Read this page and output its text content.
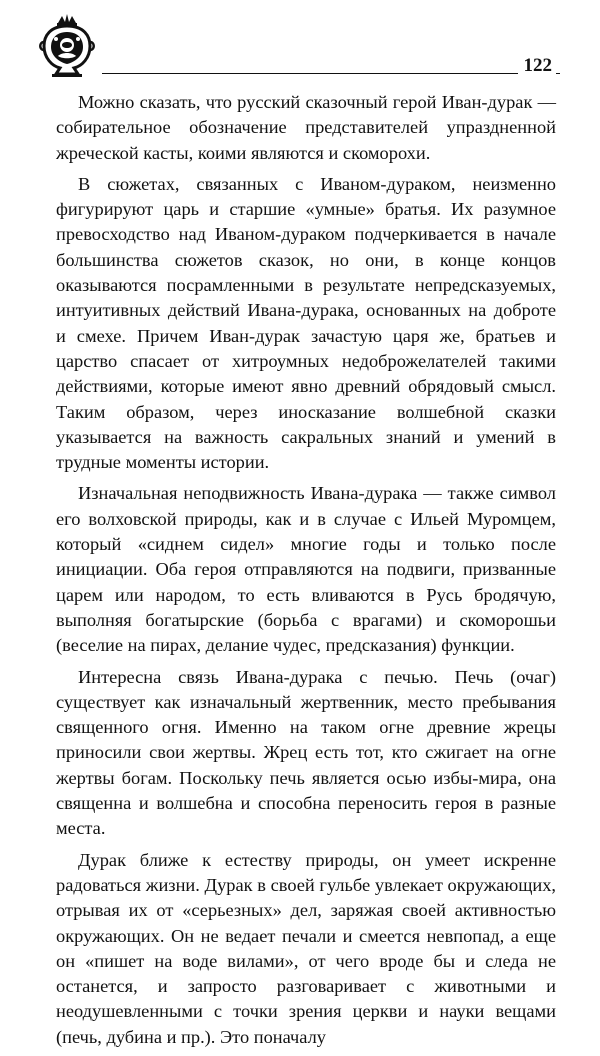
122

Можно сказать, что русский сказочный герой Иван-дурак — собирательное обозначение представителей упраздненной жреческой касты, коими являются и скоморохи.

В сюжетах, связанных с Иваном-дураком, неизменно фигурируют царь и старшие «умные» братья. Их разумное превосходство над Иваном-дураком подчеркивается в начале большинства сюжетов сказок, но они, в конце концов оказываются посрамленными в результате непредсказуемых, интуитивных действий Ивана-дурака, основанных на доброте и смехе. Причем Иван-дурак зачастую царя же, братьев и царство спасает от хитроумных недоброжелателей такими действиями, которые имеют явно древний обрядовый смысл. Таким образом, через иносказание волшебной сказки указывается на важность сакральных знаний и умений в трудные моменты истории.

Изначальная неподвижность Ивана-дурака — также символ его волховской природы, как и в случае с Ильей Муромцем, который «сиднем сидел» многие годы и только после инициации. Оба героя отправляются на подвиги, призванные царем или народом, то есть вливаются в Русь бродячую, выполняя богатырские (борьба с врагами) и скоморошьи (веселие на пирах, делание чудес, предсказания) функции.

Интересна связь Ивана-дурака с печью. Печь (очаг) существует как изначальный жертвенник, место пребывания священного огня. Именно на таком огне древние жрецы приносили свои жертвы. Жрец есть тот, кто сжигает на огне жертвы богам. Поскольку печь является осью избы-мира, она священна и волшебна и способна переносить героя в разные места.

Дурак ближе к естеству природы, он умеет искренне радоваться жизни. Дурак в своей гульбе увлекает окружающих, отрывая их от «серьезных» дел, заряжая своей активностью окружающих. Он не ведает печали и смеется невпопад, а еще он «пишет на воде вилами», от чего вроде бы и следа не останется, и запросто разговаривает с животными и неодушевленными с точки зрения церкви и науки вещами (печь, дубина и пр.). Это поначалу
